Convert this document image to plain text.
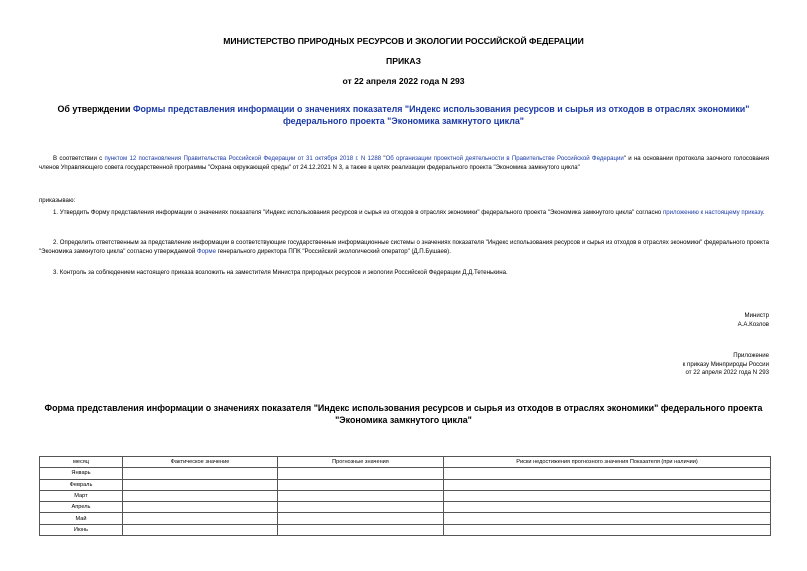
МИНИСТЕРСТВО ПРИРОДНЫХ РЕСУРСОВ И ЭКОЛОГИИ РОССИЙСКОЙ ФЕДЕРАЦИИ
ПРИКАЗ
от 22 апреля 2022 года N 293
Об утверждении Формы представления информации о значениях показателя "Индекс использования ресурсов и сырья из отходов в отраслях экономики"
федерального проекта "Экономика замкнутого цикла"
В соответствии с пунктом 12 постановления Правительства Российской Федерации от 31 октября 2018 г. N 1288 "Об организации проектной деятельности в Правительстве Российской Федерации" и на основании протокола заочного голосования членов Управляющего совета государственной программы "Охрана окружающей среды" от 24.12.2021 N 3, а также в целях реализации федерального проекта "Экономика замкнутого цикла"
приказываю:
1. Утвердить Форму представления информации о значениях показателя "Индекс использования ресурсов и сырья из отходов в отраслях экономики" федерального проекта "Экономика замкнутого цикла" согласно приложению к настоящему приказу.
2. Определить ответственным за представление информации в соответствующие государственные информационные системы о значениях показателя "Индекс использования ресурсов и сырья из отходов в отраслях экономики" федерального проекта "Экономика замкнутого цикла" согласно утверждаемой Форме генерального директора ППК "Российский экологический оператор" (Д.П.Бушаев).
3. Контроль за соблюдением настоящего приказа возложить на заместителя Министра природных ресурсов и экологии Российской Федерации Д.Д.Тетенькина.
Министр
А.А.Козлов
Приложение
к приказу Минприроды России
от 22 апреля 2022 года N 293
Форма представления информации о значениях показателя "Индекс использования ресурсов и сырья из отходов в отраслях экономики" федерального проекта
"Экономика замкнутого цикла"
месяц	Фактическое значение	Прогнозные значения	Риски недостижения прогнозного значения Показателя (при наличии)
Январь			
Февраль			
Март			
Апрель			
Май			
Июнь			
